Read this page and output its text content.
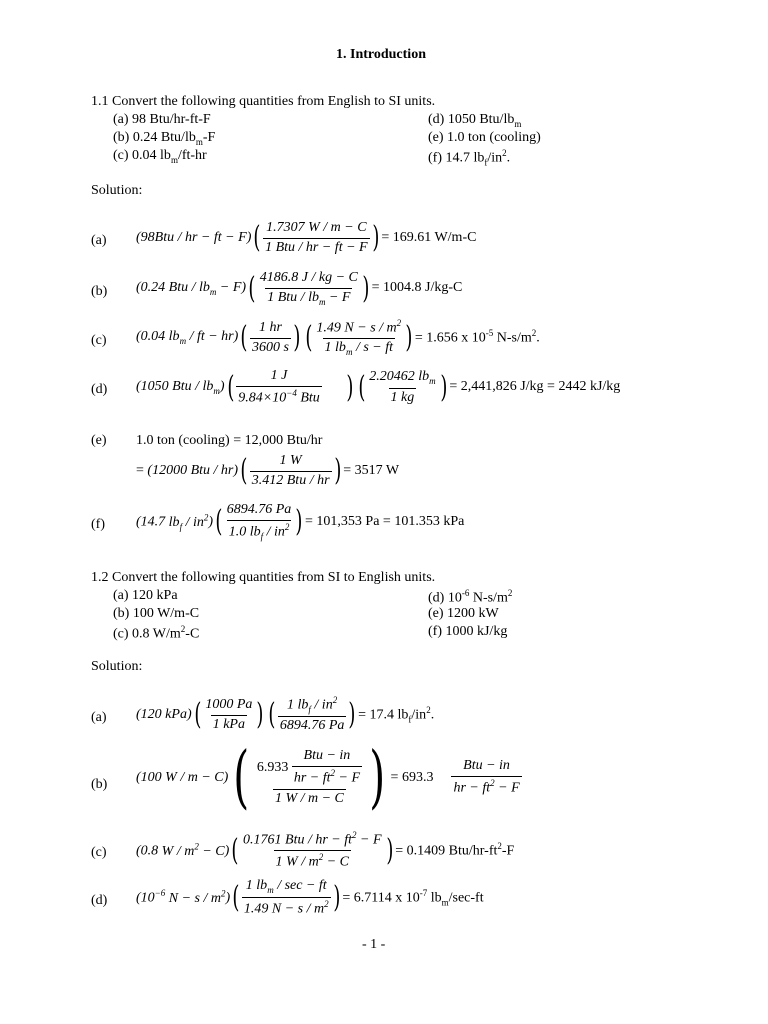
1. Introduction
1.1 Convert the following quantities from English to SI units.
(a) 98 Btu/hr-ft-F
(b) 0.24 Btu/$lb_m-F$
(c) 0.04 $lb_m/ft-hr$
(d) 1050 Btu/$lb_m$
(e) 1.0 ton (cooling)
(f) 14.7 $lb_f/in^2$.
Solution:
(a) (98Btu / hr − ft − F) ( $\frac{1.7307 W / m - C}{\text{1 Btu / hr − ft − F}}$ ) = 169.61 W/m-C
(b) (0.24 Btu / $lb_m - F$) ( $\frac{4186.8 J / kg - C}{1 Btu / lb_m - F}$ ) = 1004.8 J/kg-C
(c) (0.04 $lb_m$ / ft − hr) ( $\frac{1 hr}{3600 s}$ ) ( $\frac{1.49 N - s / m^2}{1 lb_m / s - ft}$ ) = 1.656 x $10^{-5}$ $N-s/m^2$.
(d) (1050 Btu / $lb_m$) ( $\frac{1 J}{9.84\times 10^{-4} Btu}$ ) ( $\frac{2.20462 lb_m}{1 kg}$ ) = 2,441,826 J/kg = 2442 kJ/kg
(e) 1.0 ton (cooling) = 12,000 Btu/hr
= (12000 Btu / hr) ( $\frac{1 W}{\text{3.412 Btu / hr}}$ ) = 3517 W
(f) (14.7 $lb_f / in^2$) ( $\frac{6894.76 Pa}{1.0 lb_f / in^2}$ ) = 101,353 Pa = 101.353 kPa
1.2 Convert the following quantities from SI to English units.
(a) 120 kPa
(b) 100 W/m-C
(c) 0.8 $W/m^2-C$
(d) $10^{-6}$ $N-s/m^2$
(e) 1200 kW
(f) 1000 kJ/kg
Solution:
(a) (120 kPa) ( $\frac{1000 Pa}{\text{1 kPa}}$ ) ( $\frac{1 lb_f / in^2}{6894.76 Pa}$ ) = 17.4 $lb_f/in^2$.
(b) (100 W / m − C) ( $\frac{6.933 \frac{\text{Btu − in}}{hr - ft^2 - F}}{1 W / m - C}$ ) = $693.3 \frac{\text{Btu − in}}{hr - ft^2 - F}$
(c) (0.8 $W / m^2 - C$) ( $\frac{0.1761 Btu / hr - ft^2 - F}{1 W / m^2 - C}$ ) = 0.1409 Btu/$hr-ft^2-F$
(d) ($10^{-6}$ $N - s / m^2$) ( $\frac{1 lb_m / \sec - ft}{1.49 N - s / m^2}$ ) = 6.7114 x $10^{-7}$ $lb_m/\sec-ft$
- 1 -
